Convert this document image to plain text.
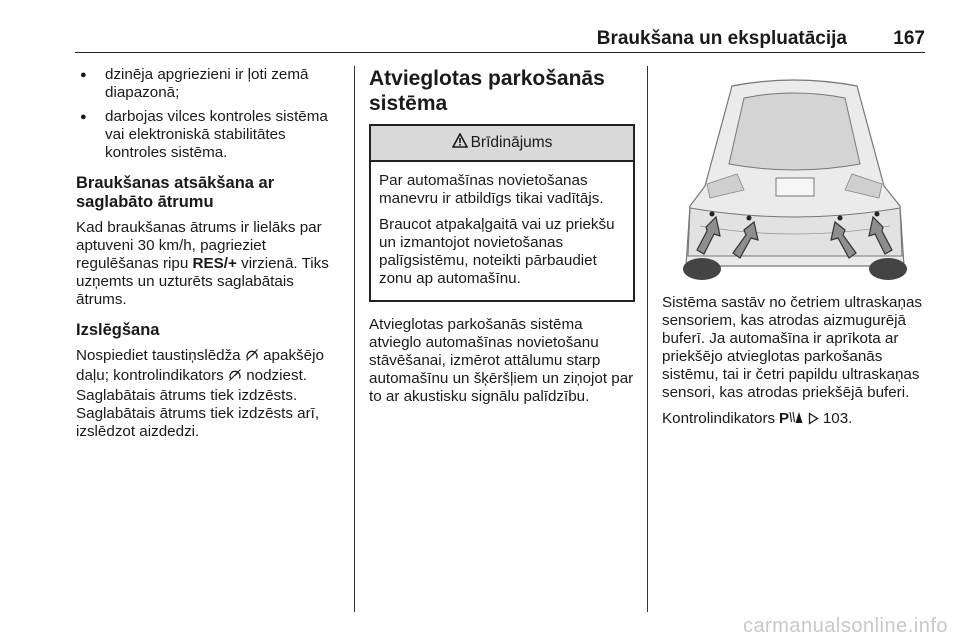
Braukšana un ekspluatācija 167
● dzinēja apgriezieni ir ļoti zemā diapazonā;
● darbojas vilces kontroles sistēma vai elektroniskā stabilitātes kontroles sistēma.
Braukšanas atsākšana ar saglabāto ātrumu

Kad braukšanas ātrums ir lielāks par aptuveni 30 km/h, pagrieziet regulēšanas ripu RES/+ virzienā. Tiks uzņemts un uzturēts saglabātais ātrums.

Izslēgšana

Nospiediet taustiņslēdža apakšējo daļu; kontrolindikators nodziest. Saglabātais ātrums tiek izdzēsts. Saglabātais ātrums tiek izdzēsts arī, izslēdzot aizdedzi.

Atvieglotas parkošanās sistēma
Brīdinājums

Par automašīnas novietošanas manevru ir atbildīgs tikai vadītājs.

Braucot atpakaļgaitā vai uz priekšu un izmantojot novietošanas palīgsistēmu, noteikti pārbaudiet zonu ap automašīnu.

Atvieglotas parkošanās sistēma atvieglo automašīnas novietošanu stāvēšanai, izmērot attālumu starp automašīnu un šķēršļiem un ziņojot par to ar akustisku signālu palīdzību.

Sistēma sastāv no četriem ultraskaņas sensoriem, kas atrodas aizmugurējā buferī. Ja automašīna ir aprīkota ar priekšējo atvieglotas parkošanās sistēmu, tai ir četri papildu ultraskaņas sensori, kas atrodas priekšējā buferi.

Kontrolindikators P 103.

carmanualsonline.info
